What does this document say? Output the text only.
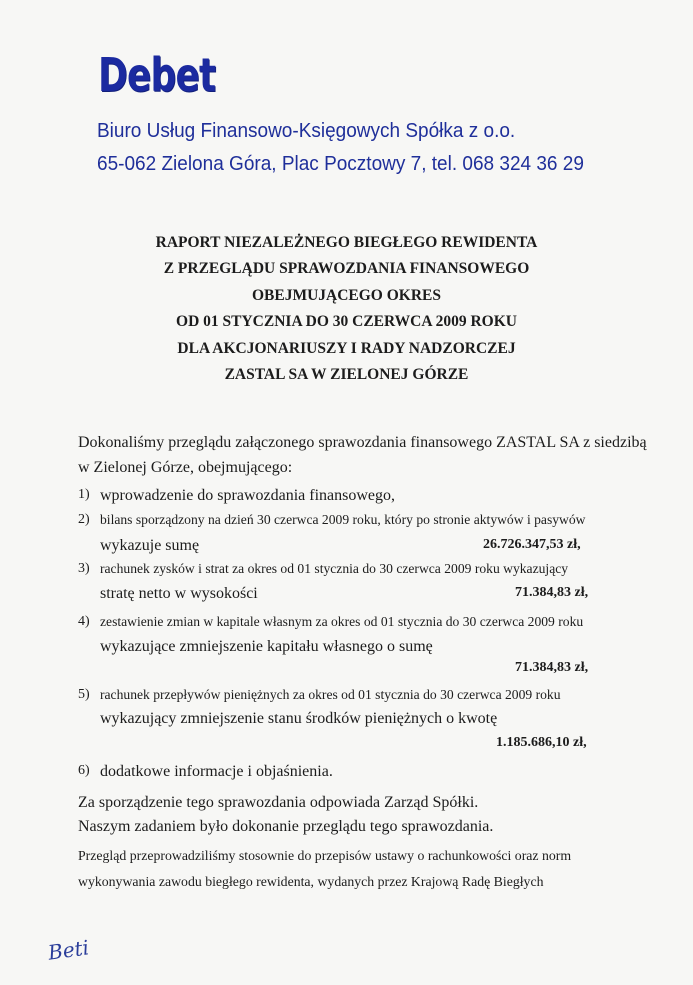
Debet
Biuro Usług Finansowo-Księgowych Spółka z o.o.
65-062 Zielona Góra, Plac Pocztowy 7, tel. 068 324 36 29
RAPORT NIEZALEŻNEGO BIEGŁEGO REWIDENTA
Z PRZEGLĄDU SPRAWOZDANIA FINANSOWEGO
OBEJMUJĄCEGO OKRES
OD 01 STYCZNIA DO 30 CZERWCA 2009 ROKU
DLA AKCJONARIUSZY I RADY NADZORCZEJ
ZASTAL SA W ZIELONEJ GÓRZE
Dokonaliśmy przeglądu załączonego sprawozdania finansowego ZASTAL SA z siedzibą
w Zielonej Górze, obejmującego:
1) wprowadzenie do sprawozdania finansowego,
2) bilans sporządzony na dzień 30 czerwca 2009 roku, który po stronie aktywów i pasywów
wykazuje sumę	26.726.347,53 zł,
3) rachunek zysków i strat za okres od 01 stycznia do 30 czerwca 2009 roku wykazujący
stratę netto w wysokości	71.384,83 zł,
4) zestawienie zmian w kapitale własnym za okres od 01 stycznia do 30 czerwca 2009 roku
wykazujące zmniejszenie kapitału własnego o sumę
71.384,83 zł,
5) rachunek przepływów pieniężnych za okres od 01 stycznia do 30 czerwca 2009 roku
wykazujący zmniejszenie stanu środków pieniężnych o kwotę
1.185.686,10 zł,
6) dodatkowe informacje i objaśnienia.
Za sporządzenie tego sprawozdania odpowiada Zarząd Spółki.
Naszym zadaniem było dokonanie przeglądu tego sprawozdania.
Przegląd przeprowadziliśmy stosownie do przepisów ustawy o rachunkowości oraz norm
wykonywania zawodu biegłego rewidenta, wydanych przez Krajową Radę Biegłych
Beti
